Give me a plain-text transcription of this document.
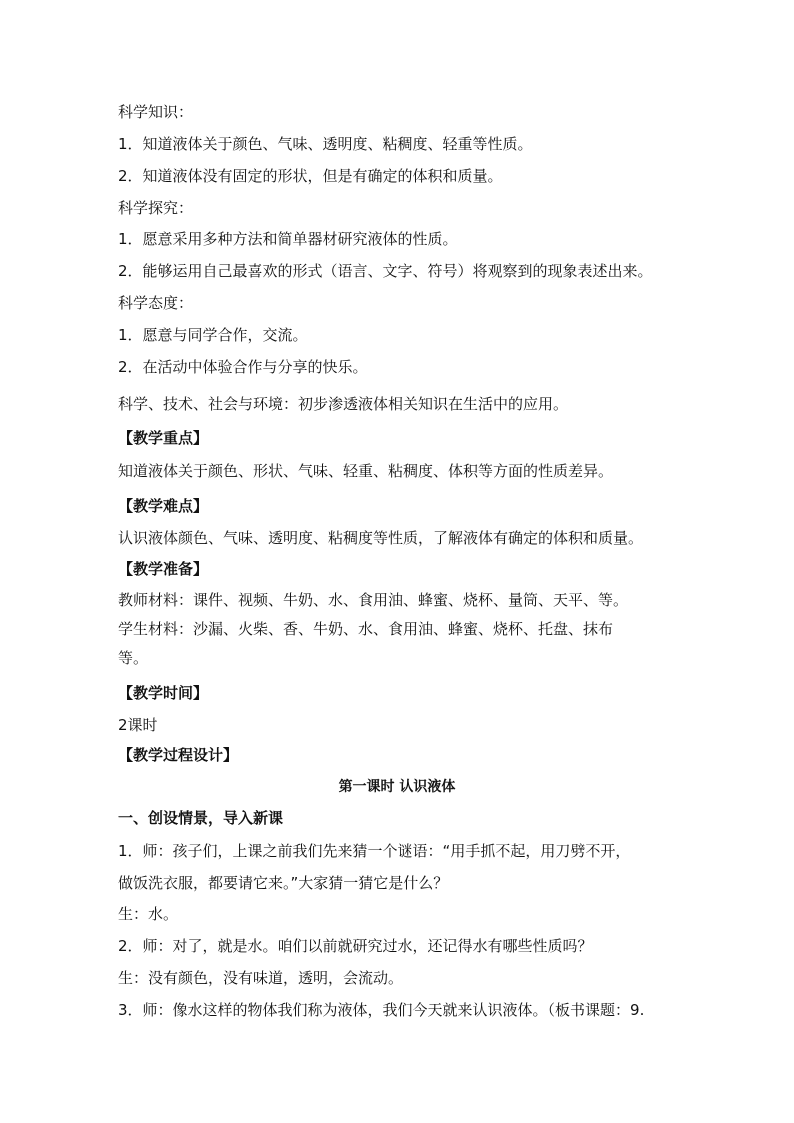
科学知识：
1．知道液体关于颜色、气味、透明度、粘稠度、轻重等性质。
2．知道液体没有固定的形状，但是有确定的体积和质量。
科学探究：
1．愿意采用多种方法和简单器材研究液体的性质。
2．能够运用自己最喜欢的形式（语言、文字、符号）将观察到的现象表述出来。
科学态度：
1．愿意与同学合作，交流。
2．在活动中体验合作与分享的快乐。
科学、技术、社会与环境：初步渗透液体相关知识在生活中的应用。
【教学重点】
知道液体关于颜色、形状、气味、轻重、粘稠度、体积等方面的性质差异。
【教学难点】
认识液体颜色、气味、透明度、粘稠度等性质，了解液体有确定的体积和质量。
【教学准备】
教师材料：课件、视频、牛奶、水、食用油、蜂蜜、烧杯、量筒、天平、等。
学生材料：沙漏、火柴、香、牛奶、水、食用油、蜂蜜、烧杯、托盘、抹布
等。
【教学时间】
2课时
【教学过程设计】
第一课时 认识液体
一、创设情景，导入新课
1．师：孩子们，上课之前我们先来猜一个谜语：“用手抓不起，用刀劈不开，
做饭洗衣服，都要请它来。”大家猜一猜它是什么？
生：水。
2．师：对了，就是水。咱们以前就研究过水，还记得水有哪些性质吗？
生：没有颜色，没有味道，透明，会流动。
3．师：像水这样的物体我们称为液体，我们今天就来认识液体。（板书课题：9.
